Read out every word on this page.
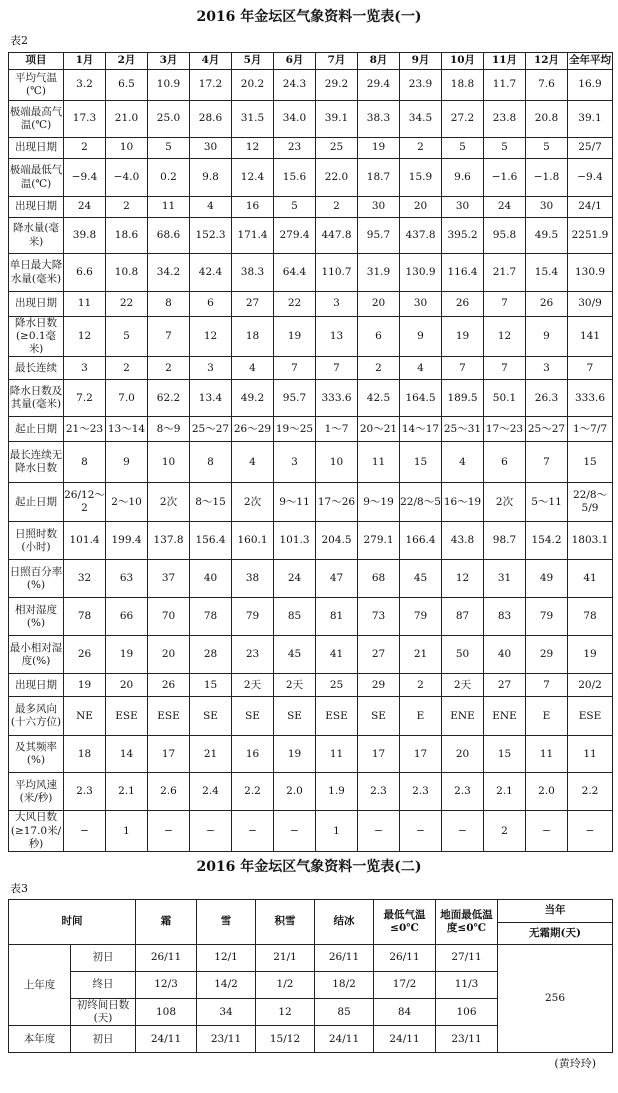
2016 年金坛区气象资料一览表(一)
表2
项目	1月	2月	3月	4月	5月	6月	7月	8月	9月	10月	11月	12月	全年平均
平均气温(℃)	3.2	6.5	10.9	17.2	20.2	24.3	29.2	29.4	23.9	18.8	11.7	7.6	16.9
极端最高气温(℃)	17.3	21.0	25.0	28.6	31.5	34.0	39.1	38.3	34.5	27.2	23.8	20.8	39.1
出现日期	2	10	5	30	12	23	25	19	2	5	5	5	25/7
极端最低气温(℃)	−9.4	−4.0	0.2	9.8	12.4	15.6	22.0	18.7	15.9	9.6	−1.6	−1.8	−9.4
出现日期	24	2	11	4	16	5	2	30	20	30	24	30	24/1
降水量(毫米)	39.8	18.6	68.6	152.3	171.4	279.4	447.8	95.7	437.8	395.2	95.8	49.5	2251.9
单日最大降水量(毫米)	6.6	10.8	34.2	42.4	38.3	64.4	110.7	31.9	130.9	116.4	21.7	15.4	130.9
出现日期	11	22	8	6	27	22	3	20	30	26	7	26	30/9
降水日数(≥0.1毫米)	12	5	7	12	18	19	13	6	9	19	12	9	141
最长连续	3	2	2	3	4	7	7	2	4	7	7	3	7
降水日数及其量(毫米)	7.2	7.0	62.2	13.4	49.2	95.7	333.6	42.5	164.5	189.5	50.1	26.3	333.6
起止日期	21～23	13～14	8～9	25～27	26～29	19～25	1～7	20～21	14～17	25～31	17～23	25～27	1～7/7
最长连续无降水日数	8	9	10	8	4	3	10	11	15	4	6	7	15
起止日期	26/12～2	2～10	2次	8～15	2次	9～11	17～26	9～19	22/8～5	16～19	2次	5～11	22/8～5/9
日照时数(小时)	101.4	199.4	137.8	156.4	160.1	101.3	204.5	279.1	166.4	43.8	98.7	154.2	1803.1
日照百分率(%)	32	63	37	40	38	24	47	68	45	12	31	49	41
相对湿度(%)	78	66	70	78	79	85	81	73	79	87	83	79	78
最小相对湿度(%)	26	19	20	28	23	45	41	27	21	50	40	29	19
出现日期	19	20	26	15	2天	2天	25	29	2	2天	27	7	20/2
最多风向(十六方位)	NE	ESE	ESE	SE	SE	SE	ESE	SE	E	ENE	ENE	E	ESE
及其频率(%)	18	14	17	21	16	19	11	17	17	20	15	11	11
平均风速(米/秒)	2.3	2.1	2.6	2.4	2.2	2.0	1.9	2.3	2.3	2.3	2.1	2.0	2.2
大风日数(≥17.0米/秒)	−	1	−	−	−	−	1	−	−	−	2	−	−
2016 年金坛区气象资料一览表(二)
表3
时间		霜	雪	积雪	结冰	最低气温≤0℃	地面最低温度≤0℃	当年
								无霜期(天)
上年度	初日	26/11	12/1	21/1	26/11	26/11	27/11	256
	终日	12/3	14/2	1/2	18/2	17/2	11/3	
	初终间日数(天)	108	34	12	85	84	106	
本年度	初日	24/11	23/11	15/12	24/11	24/11	23/11	
(黄玲玲)
